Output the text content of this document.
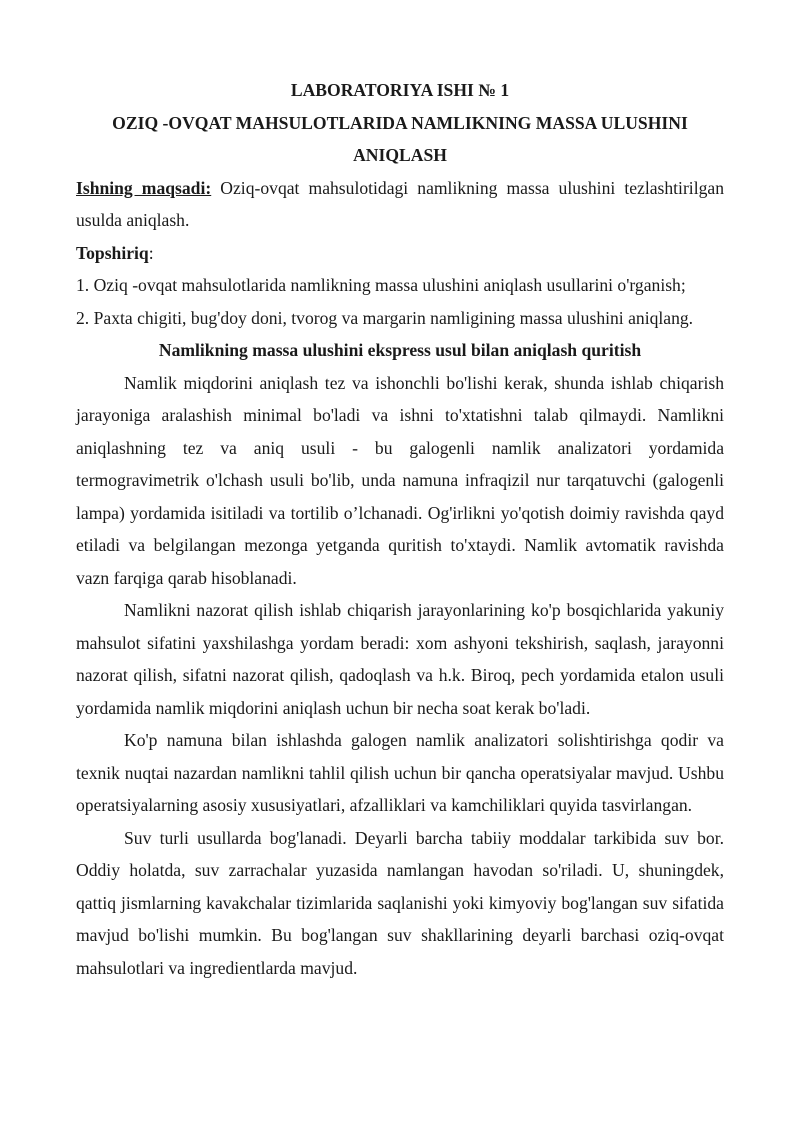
LABORATORIYA ISHI № 1

OZIQ -OVQAT MAHSULOTLARIDA NAMLIKNING MASSA ULUSHINI ANIQLASH

Ishning maqsadi: Oziq-ovqat mahsulotidagi namlikning massa ulushini tezlashtirilgan usulda aniqlash.

Topshiriq:

1. Oziq -ovqat mahsulotlarida namlikning massa ulushini aniqlash usullarini o'rganish;

2. Paxta chigiti, bug'doy doni, tvorog va margarin namligining massa ulushini aniqlang.

Namlikning massa ulushini ekspress usul bilan aniqlash quritish

Namlik miqdorini aniqlash tez va ishonchli bo'lishi kerak, shunda ishlab chiqarish jarayoniga aralashish minimal bo'ladi va ishni to'xtatishni talab qilmaydi. Namlikni aniqlashning tez va aniq usuli - bu galogenli namlik analizatori yordamida termogravimetrik o'lchash usuli bo'lib, unda namuna infraqizil nur tarqatuvchi (galogenli lampa) yordamida isitiladi va tortilib o’lchanadi. Og'irlikni yo'qotish doimiy ravishda qayd etiladi va belgilangan mezonga yetganda quritish to'xtaydi. Namlik avtomatik ravishda vazn farqiga qarab hisoblanadi.

Namlikni nazorat qilish ishlab chiqarish jarayonlarining ko'p bosqichlarida yakuniy mahsulot sifatini yaxshilashga yordam beradi: xom ashyoni tekshirish, saqlash, jarayonni nazorat qilish, sifatni nazorat qilish, qadoqlash va h.k. Biroq, pech yordamida etalon usuli yordamida namlik miqdorini aniqlash uchun bir necha soat kerak bo'ladi.

Ko'p namuna bilan ishlashda galogen namlik analizatori solishtirishga qodir va texnik nuqtai nazardan namlikni tahlil qilish uchun bir qancha operatsiyalar mavjud. Ushbu operatsiyalarning asosiy xususiyatlari, afzalliklari va kamchiliklari quyida tasvirlangan.

Suv turli usullarda bog'lanadi. Deyarli barcha tabiiy moddalar tarkibida suv bor. Oddiy holatda, suv zarrachalar yuzasida namlangan havodan so'riladi. U, shuningdek, qattiq jismlarning kavakchalar tizimlarida saqlanishi yoki kimyoviy bog'langan suv sifatida mavjud bo'lishi mumkin. Bu bog'langan suv shakllarining deyarli barchasi oziq-ovqat mahsulotlari va ingredientlarda mavjud.
